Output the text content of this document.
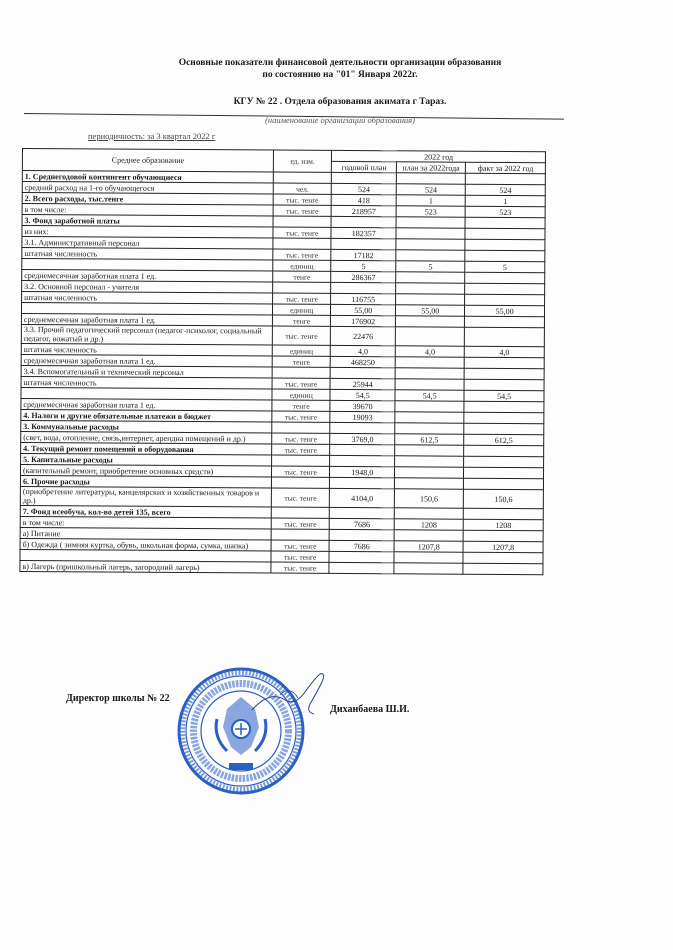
Основные показатели финансовой деятельности организации образования
по состоянию на "01" Января 2022г.
КГУ № 22 . Отдела образования акимата г Тараз.
(наименование организации образования)
периодичность: за 3 квартал 2022 г
Среднее образование	ед. изм.	2022 год		
		годовой план	план за 2022года	факт за 2022 год
1. Среднегодовой контингент обучающиеся				
средний расход на 1-го обучающегося	чел.	524	524	524
2. Всего расходы, тыс.тенге	тыс. тенге	418	1	1
в том числе:	тыс. тенге	218957	523	523
3. Фонд заработной платы				
из них:	тыс. тенге	182357		
3.1. Административный персонал				
штатная численность	тыс. тенге	17182		
	единиц	5	5	5
среднемесячная заработная плата 1 ед.	тенге	286367		
3.2. Основной персонал - учителя				
штатная численность	тыс. тенге	116755		
	единиц	55,00	55,00	55,00
среднемесячная заработная плата 1 ед.	тенге	176902		
3.3. Прочий педагогический персонал (педагог-психолог, социальный педагог, вожатый и др.)	тыс. тенге	22476		
штатная численность	единиц	4,0	4,0	4,0
среднемесячная заработная плата 1 ед.	тенге	468250		
3.4. Вспомогательный и технический персонал				
штатная численность	тыс. тенге	25944		
	единиц	54,5	54,5	54,5
среднемесячная заработная плата 1 ед.	тенге	39670		
4. Налоги и другие обязательные платежи в бюджет	тыс. тенге	19093		
3. Коммунальные расходы				
(свет, вода, отопление, связь,интернет, арендна помещений и др.)	тыс. тенге	3769,0	612,5	612,5
4. Текущий ремонт помещений и оборудования	тыс. тенге			
5. Капитальные расходы				
(капительный ремонт, приобретение основных средств)	тыс. тенге	1948,0		
6. Прочие расходы				
(приобретение литературы, канцелярских и хозяйственных товаров и др.)	тыс. тенге	4104,0	150,6	150,6
7. Фонд всеобуча, кол-во детей 135, всего				
в том числе:	тыс. тенге	7686	1208	1208
а) Питание				
б) Одежда ( зимняя куртка, обувь, школьная форма, сумка, шапка)	тыс. тенге	7686	1207,8	1207,8
	тыс. тенге			
в) Лагерь (пришкольный лагерь, загородний лагерь)	тыс. тенге			
Директор школы № 22
Диханбаева Ш.И.
